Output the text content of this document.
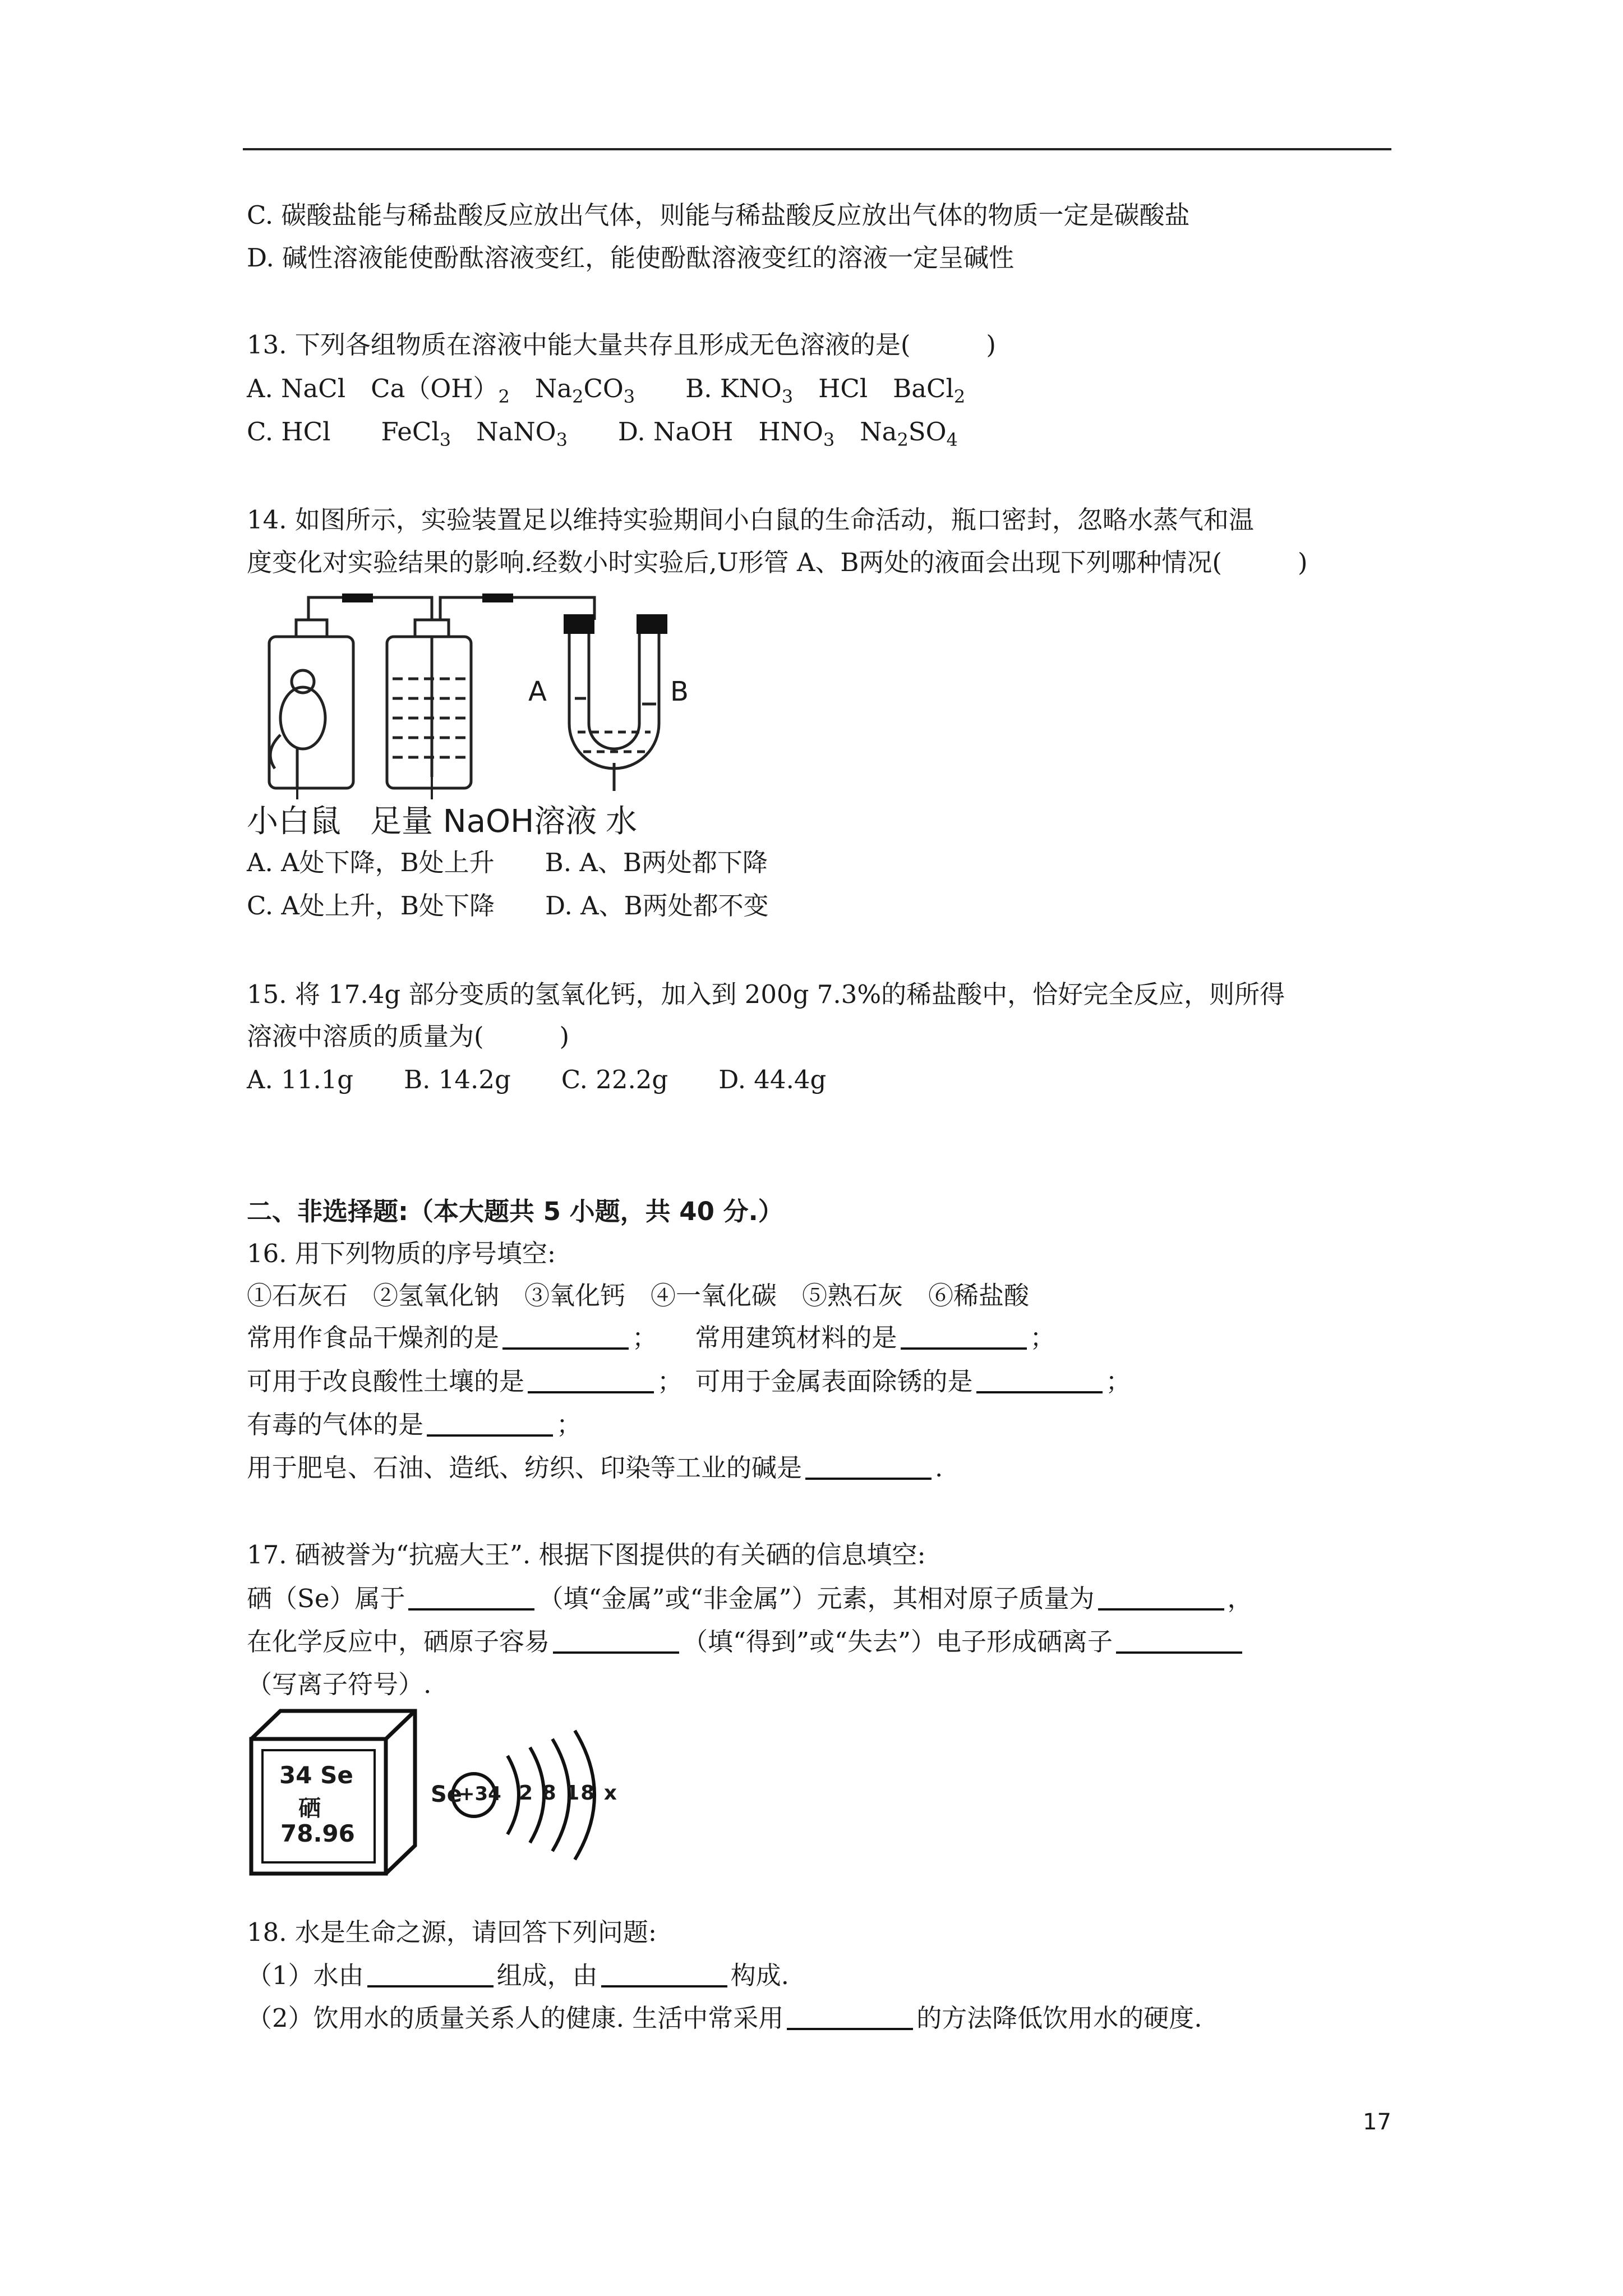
C. 碳酸盐能与稀盐酸反应放出气体，则能与稀盐酸反应放出气体的物质一定是碳酸盐
D. 碱性溶液能使酚酞溶液变红，能使酚酞溶液变红的溶液一定呈碱性
13. 下列各组物质在溶液中能大量共存且形成无色溶液的是(　　　)
A. NaCl　$Ca(OH)_2$　$Na_2CO_3$　　B. $KNO_3$　HCl　BaCl$_2$
C. HCl　　FeCl$_3$　NaNO$_3$　　D. NaOH　$HNO_3$　$Na_2SO_4$
14. 如图所示，实验装置足以维持实验期间小白鼠的生命活动，瓶口密封，忽略水蒸气和温
度变化对实验结果的影响.经数小时实验后,U形管 A、B两处的液面会出现下列哪种情况(　　　)
A	B
小白鼠 足量 NaOH溶液 水
A. A处下降，B处上升　　B. A、B两处都下降
C. A处上升，B处下降　　D. A、B两处都不变
15. 将 17.4g 部分变质的氢氧化钙，加入到 200g 7.3%的稀盐酸中，恰好完全反应，则所得
溶液中溶质的质量为(　　　)
A. 11.1g　　B. 14.2g　　C. 22.2g　　D. 44.4g
二、非选择题:（本大题共 5 小题，共 40 分.）
16. 用下列物质的序号填空:
①石灰石　②氢氧化钠　③氧化钙　④一氧化碳　⑤熟石灰　⑥稀盐酸
常用作食品干燥剂的是	；　　常用建筑材料的是	；
可用于改良酸性土壤的是	；　可用于金属表面除锈的是	；
有毒的气体的是	；
用于肥皂、石油、造纸、纺织、印染等工业的碱是	.
17. 硒被誉为“抗癌大王”. 根据下图提供的有关硒的信息填空:
硒（Se）属于	（填“金属”或“非金属”）元素，其相对原子质量为	，
在化学反应中，硒原子容易	（填“得到”或“失去”）电子形成硒离子
（写离子符号）.
34 Se
硒
78.96
Se
+34 2 8 18 x
18. 水是生命之源，请回答下列问题:
（1）水由	组成，由	构成.
（2）饮用水的质量关系人的健康. 生活中常采用	的方法降低饮用水的硬度.
17
